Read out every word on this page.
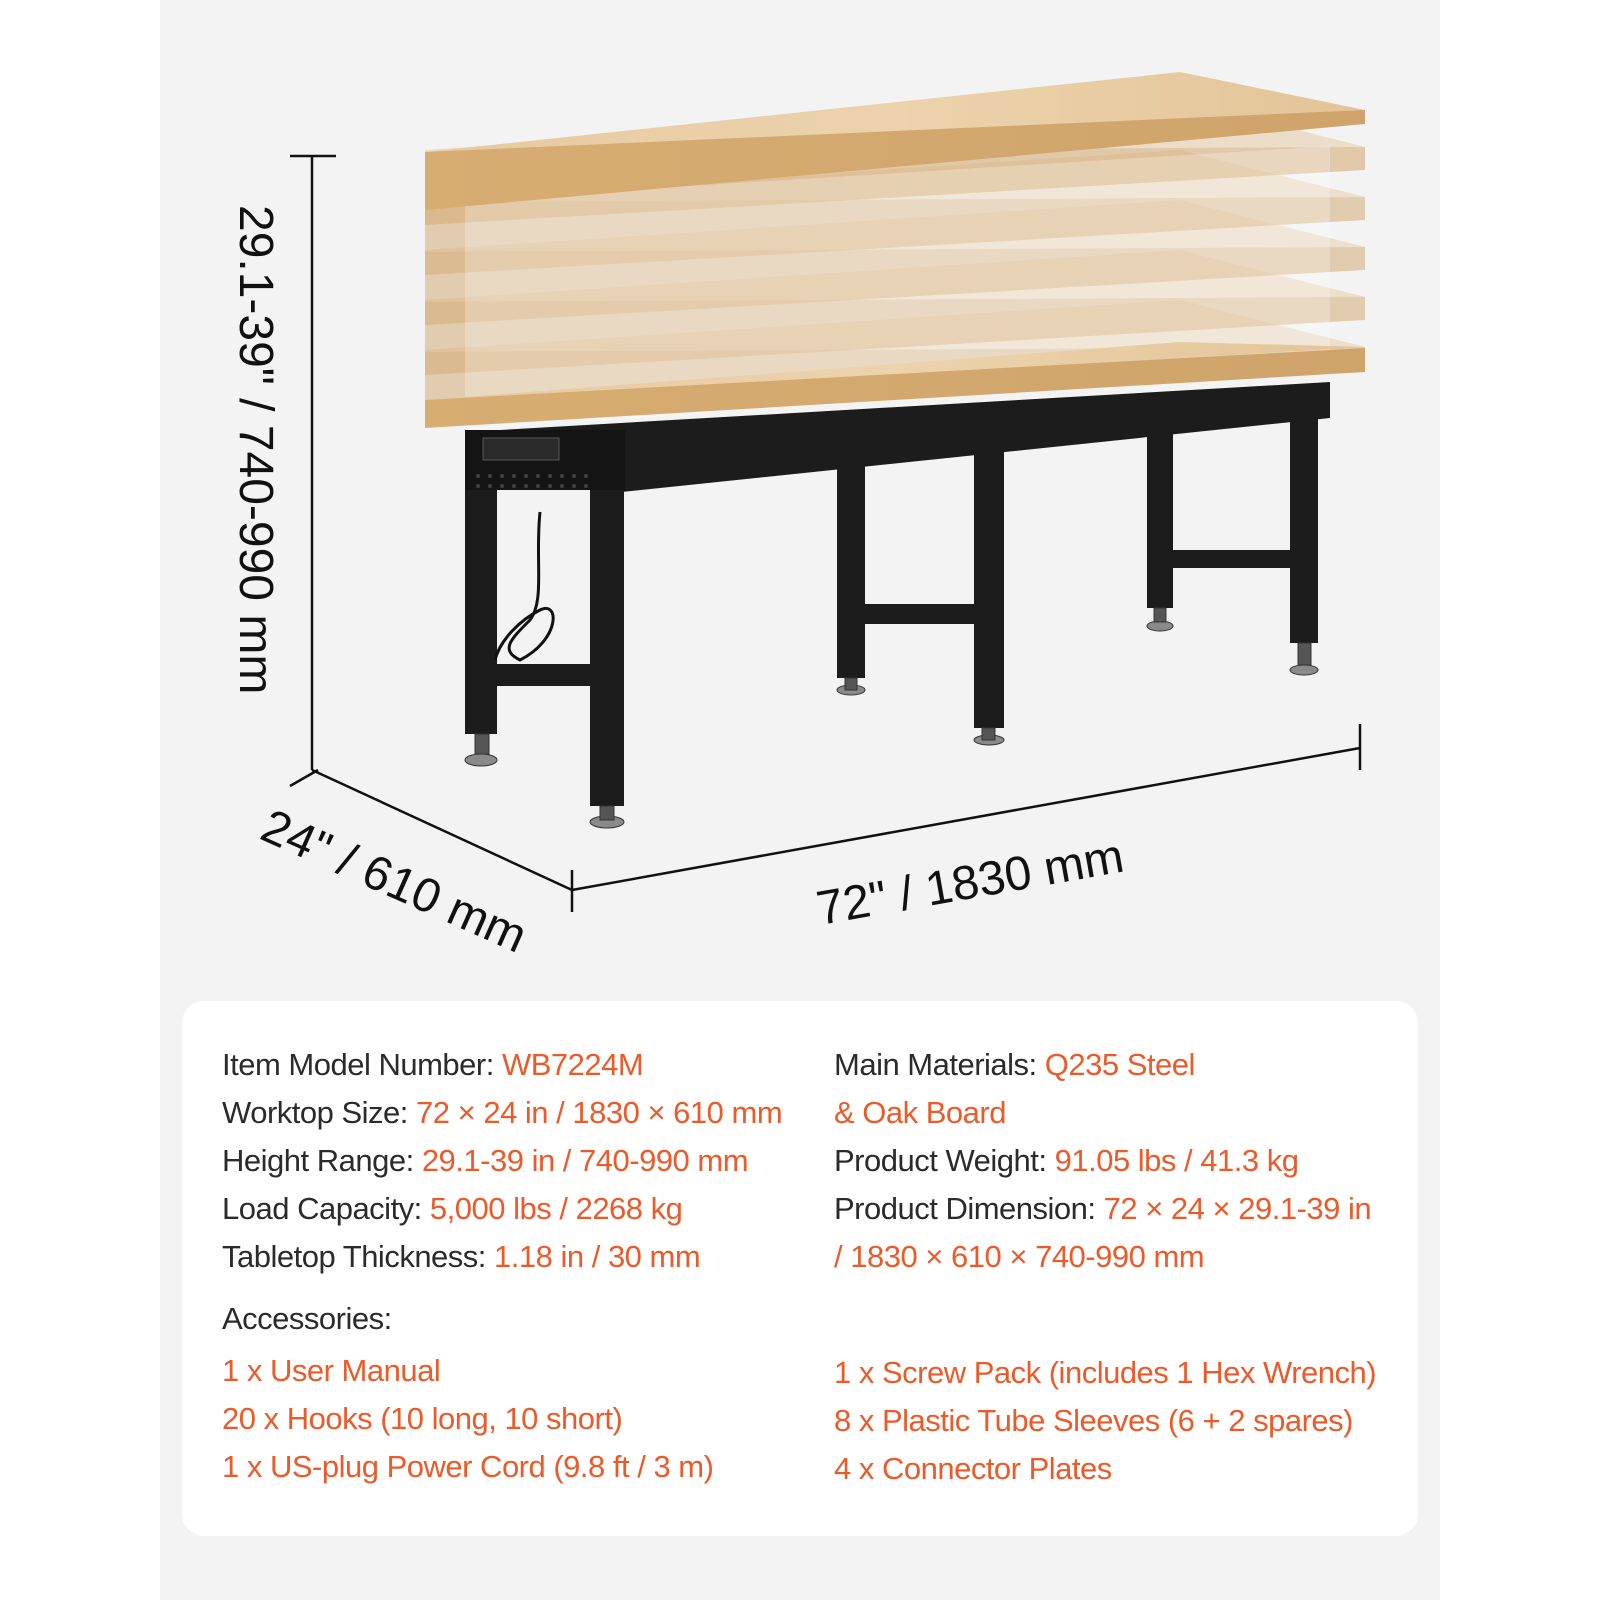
29.1-39" / 740-990 mm
24" / 610 mm	72" / 1830 mm
Item Model Number: WB7224M
Worktop Size: 72 × 24 in / 1830 × 610 mm
Height Range: 29.1-39 in / 740-990 mm
Load Capacity: 5,000 lbs / 2268 kg
Tabletop Thickness: 1.18 in / 30 mm
Main Materials: Q235 Steel
& Oak Board
Product Weight: 91.05 lbs / 41.3 kg
Product Dimension: 72 × 24 × 29.1-39 in
/ 1830 × 610 × 740-990 mm
Accessories:
1 x User Manual
20 x Hooks (10 long, 10 short)
1 x US-plug Power Cord (9.8 ft / 3 m)
1 x Screw Pack (includes 1 Hex Wrench)
8 x Plastic Tube Sleeves (6 + 2 spares)
4 x Connector Plates
